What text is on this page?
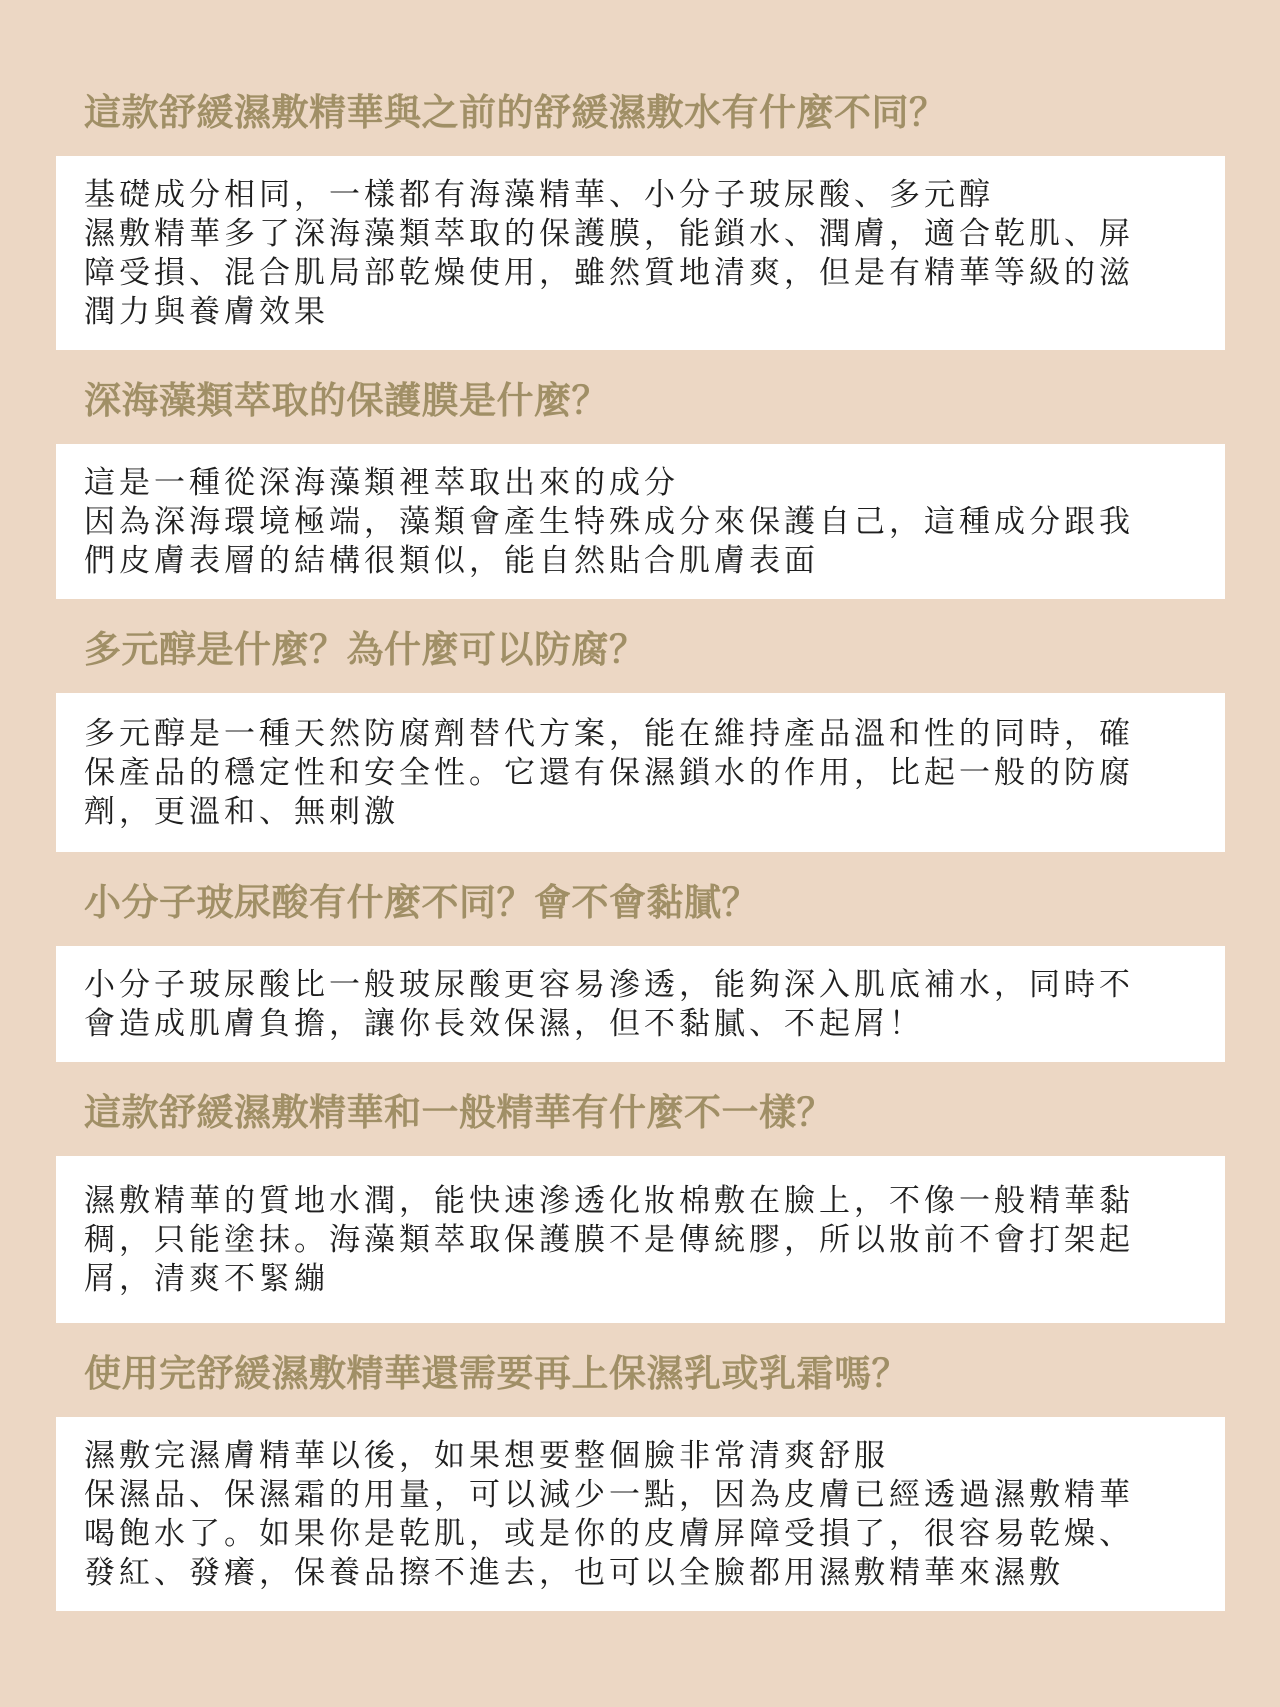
這款舒緩濕敷精華與之前的舒緩濕敷水有什麼不同？
基礎成分相同，一樣都有海藻精華、小分子玻尿酸、多元醇
濕敷精華多了深海藻類萃取的保護膜，能鎖水、潤膚，適合乾肌、屏
障受損、混合肌局部乾燥使用，雖然質地清爽，但是有精華等級的滋
潤力與養膚效果
深海藻類萃取的保護膜是什麼？
這是一種從深海藻類裡萃取出來的成分
因為深海環境極端，藻類會產生特殊成分來保護自己，這種成分跟我
們皮膚表層的結構很類似，能自然貼合肌膚表面
多元醇是什麼？為什麼可以防腐？
多元醇是一種天然防腐劑替代方案，能在維持產品溫和性的同時，確
保產品的穩定性和安全性。它還有保濕鎖水的作用，比起一般的防腐
劑，更溫和、無刺激
小分子玻尿酸有什麼不同？會不會黏膩？
小分子玻尿酸比一般玻尿酸更容易滲透，能夠深入肌底補水，同時不
會造成肌膚負擔，讓你長效保濕，但不黏膩、不起屑！
這款舒緩濕敷精華和一般精華有什麼不一樣？
濕敷精華的質地水潤，能快速滲透化妝棉敷在臉上，不像一般精華黏
稠，只能塗抹。海藻類萃取保護膜不是傳統膠，所以妝前不會打架起
屑，清爽不緊繃
使用完舒緩濕敷精華還需要再上保濕乳或乳霜嗎？
濕敷完濕膚精華以後，如果想要整個臉非常清爽舒服
保濕品、保濕霜的用量，可以減少一點，因為皮膚已經透過濕敷精華
喝飽水了。如果你是乾肌，或是你的皮膚屏障受損了，很容易乾燥、
發紅、發癢，保養品擦不進去，也可以全臉都用濕敷精華來濕敷
